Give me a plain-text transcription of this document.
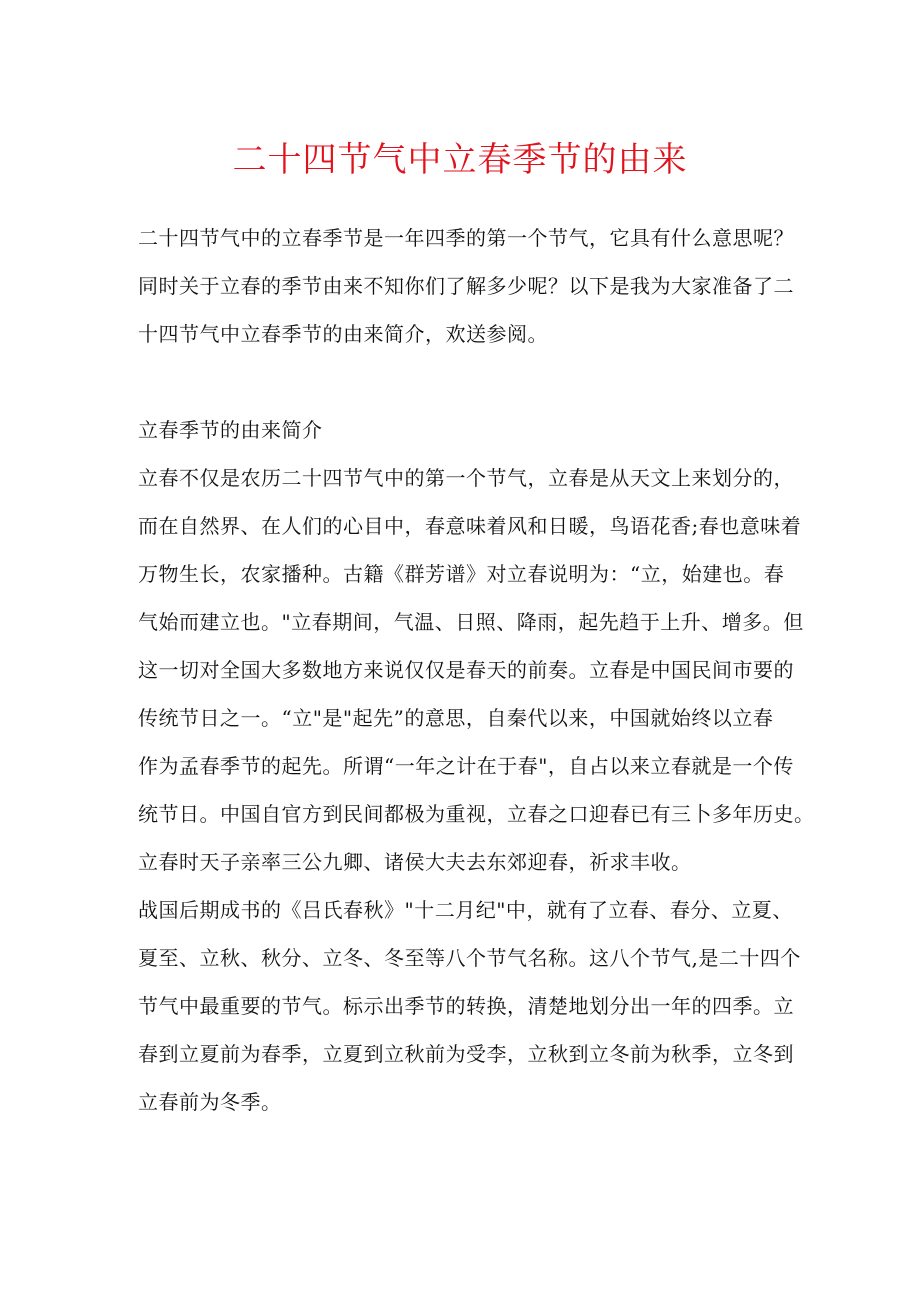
二十四节气中立春季节的由来
二十四节气中的立春季节是一年四季的第一个节气，它具有什么意思呢？
同时关于立春的季节由来不知你们了解多少呢？以下是我为大家准备了二
十四节气中立春季节的由来简介，欢送参阅。
立春季节的由来简介
立春不仅是农历二十四节气中的第一个节气，立春是从天文上来划分的，
而在自然界、在人们的心目中，春意味着风和日暖，鸟语花香;春也意味着
万物生长，农家播种。古籍《群芳谱》对立春说明为：“立，始建也。春
气始而建立也。"立春期间，气温、日照、降雨，起先趋于上升、增多。但
这一切对全国大多数地方来说仅仅是春天的前奏。立春是中国民间市要的
传统节日之一。“立"是"起先”的意思，自秦代以来，中国就始终以立春
作为孟春季节的起先。所谓“一年之计在于春"，自占以来立春就是一个传
统节日。中国自官方到民间都极为重视，立春之口迎春已有三卜多年历史。
立春时天子亲率三公九卿、诸侯大夫去东郊迎春，祈求丰收。
战国后期成书的《吕氏春秋》"十二月纪"中，就有了立春、春分、立夏、
夏至、立秋、秋分、立冬、冬至等八个节气名称。这八个节气,是二十四个
节气中最重要的节气。标示出季节的转换，清楚地划分出一年的四季。立
春到立夏前为春季，立夏到立秋前为受李，立秋到立冬前为秋季，立冬到
立春前为冬季。
